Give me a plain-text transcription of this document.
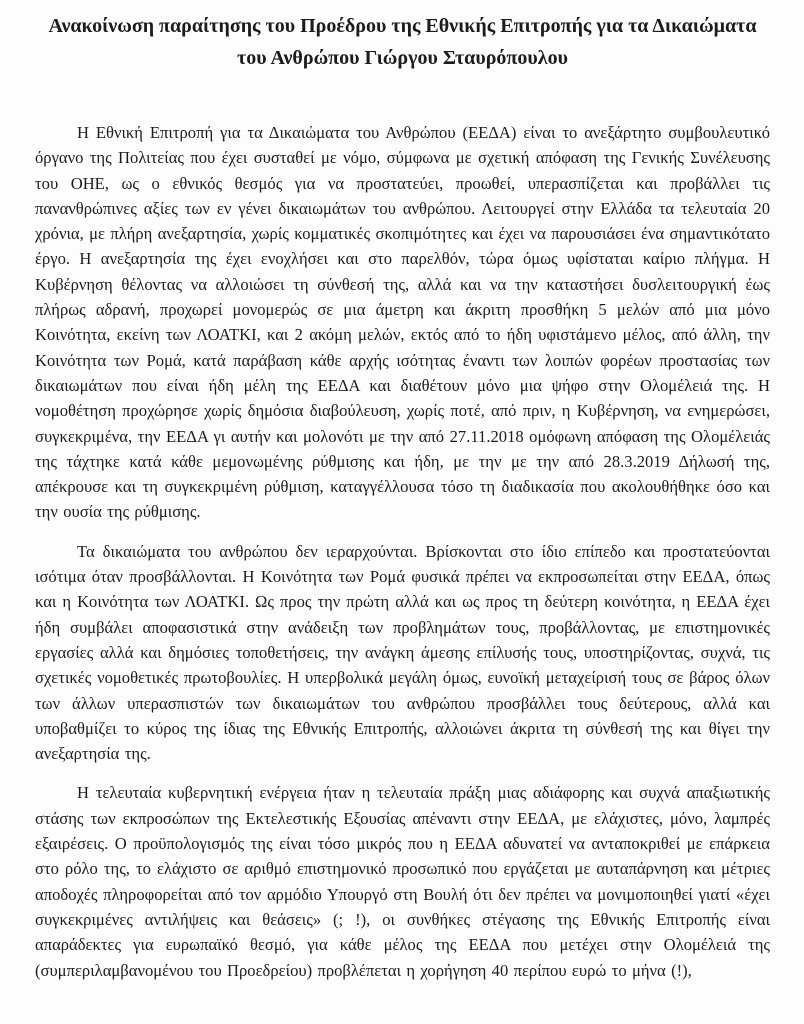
Ανακοίνωση παραίτησης του Προέδρου της Εθνικής Επιτροπής για τα Δικαιώματα του Ανθρώπου Γιώργου Σταυρόπουλου

Η Εθνική Επιτροπή για τα Δικαιώματα του Ανθρώπου (ΕΕΔΑ) είναι το ανεξάρτητο συμβουλευτικό όργανο της Πολιτείας που έχει συσταθεί με νόμο, σύμφωνα με σχετική απόφαση της Γενικής Συνέλευσης του ΟΗΕ, ως ο εθνικός θεσμός για να προστατεύει, προωθεί, υπερασπίζεται και προβάλλει τις πανανθρώπινες αξίες των εν γένει δικαιωμάτων του ανθρώπου. Λειτουργεί στην Ελλάδα τα τελευταία 20 χρόνια, με πλήρη ανεξαρτησία, χωρίς κομματικές σκοπιμότητες και έχει να παρουσιάσει ένα σημαντικότατο έργο. Η ανεξαρτησία της έχει ενοχλήσει και στο παρελθόν, τώρα όμως υφίσταται καίριο πλήγμα. Η Κυβέρνηση θέλοντας να αλλοιώσει τη σύνθεσή της, αλλά και να την καταστήσει δυσλειτουργική έως πλήρως αδρανή, προχωρεί μονομερώς σε μια άμετρη και άκριτη προσθήκη 5 μελών από μια μόνο Κοινότητα, εκείνη των ΛΟΑΤΚΙ, και 2 ακόμη μελών, εκτός από το ήδη υφιστάμενο μέλος, από άλλη, την Κοινότητα των Ρομά, κατά παράβαση κάθε αρχής ισότητας έναντι των λοιπών φορέων προστασίας των δικαιωμάτων που είναι ήδη μέλη της ΕΕΔΑ και διαθέτουν μόνο μια ψήφο στην Ολομέλειά της. Η νομοθέτηση προχώρησε χωρίς δημόσια διαβούλευση, χωρίς ποτέ, από πριν, η Κυβέρνηση, να ενημερώσει, συγκεκριμένα, την ΕΕΔΑ γι αυτήν και μολονότι με την από 27.11.2018 ομόφωνη απόφαση της Ολομέλειάς της τάχτηκε κατά κάθε μεμονωμένης ρύθμισης και ήδη, με την με την από 28.3.2019 Δήλωσή της, απέκρουσε και τη συγκεκριμένη ρύθμιση, καταγγέλλουσα τόσο τη διαδικασία που ακολουθήθηκε όσο και την ουσία της ρύθμισης.

Τα δικαιώματα του ανθρώπου δεν ιεραρχούνται. Βρίσκονται στο ίδιο επίπεδο και προστατεύονται ισότιμα όταν προσβάλλονται. Η Κοινότητα των Ρομά φυσικά πρέπει να εκπροσωπείται στην ΕΕΔΑ, όπως και η Κοινότητα των ΛΟΑΤΚΙ. Ως προς την πρώτη αλλά και ως προς τη δεύτερη κοινότητα, η ΕΕΔΑ έχει ήδη συμβάλει αποφασιστικά στην ανάδειξη των προβλημάτων τους, προβάλλοντας, με επιστημονικές εργασίες αλλά και δημόσιες τοποθετήσεις, την ανάγκη άμεσης επίλυσής τους, υποστηρίζοντας, συχνά, τις σχετικές νομοθετικές πρωτοβουλίες. Η υπερβολικά μεγάλη όμως, ευνοϊκή μεταχείρισή τους σε βάρος όλων των άλλων υπερασπιστών των δικαιωμάτων του ανθρώπου προσβάλλει τους δεύτερους, αλλά και υποβαθμίζει το κύρος της ίδιας της Εθνικής Επιτροπής, αλλοιώνει άκριτα τη σύνθεσή της και θίγει την ανεξαρτησία της.

Η τελευταία κυβερνητική ενέργεια ήταν η τελευταία πράξη μιας αδιάφορης και συχνά απαξιωτικής στάσης των εκπροσώπων της Εκτελεστικής Εξουσίας απέναντι στην ΕΕΔΑ, με ελάχιστες, μόνο, λαμπρές εξαιρέσεις. Ο προϋπολογισμός της είναι τόσο μικρός που η ΕΕΔΑ αδυνατεί να ανταποκριθεί με επάρκεια στο ρόλο της, το ελάχιστο σε αριθμό επιστημονικό προσωπικό που εργάζεται με αυταπάρνηση και μέτριες αποδοχές πληροφορείται από τον αρμόδιο Υπουργό στη Βουλή ότι δεν πρέπει να μονιμοποιηθεί γιατί «έχει συγκεκριμένες αντιλήψεις και θεάσεις» (; !), οι συνθήκες στέγασης της Εθνικής Επιτροπής είναι απαράδεκτες για ευρωπαϊκό θεσμό, για κάθε μέλος της ΕΕΔΑ που μετέχει στην Ολομέλειά της (συμπεριλαμβανομένου του Προεδρείου) προβλέπεται η χορήγηση 40 περίπου ευρώ το μήνα (!),
